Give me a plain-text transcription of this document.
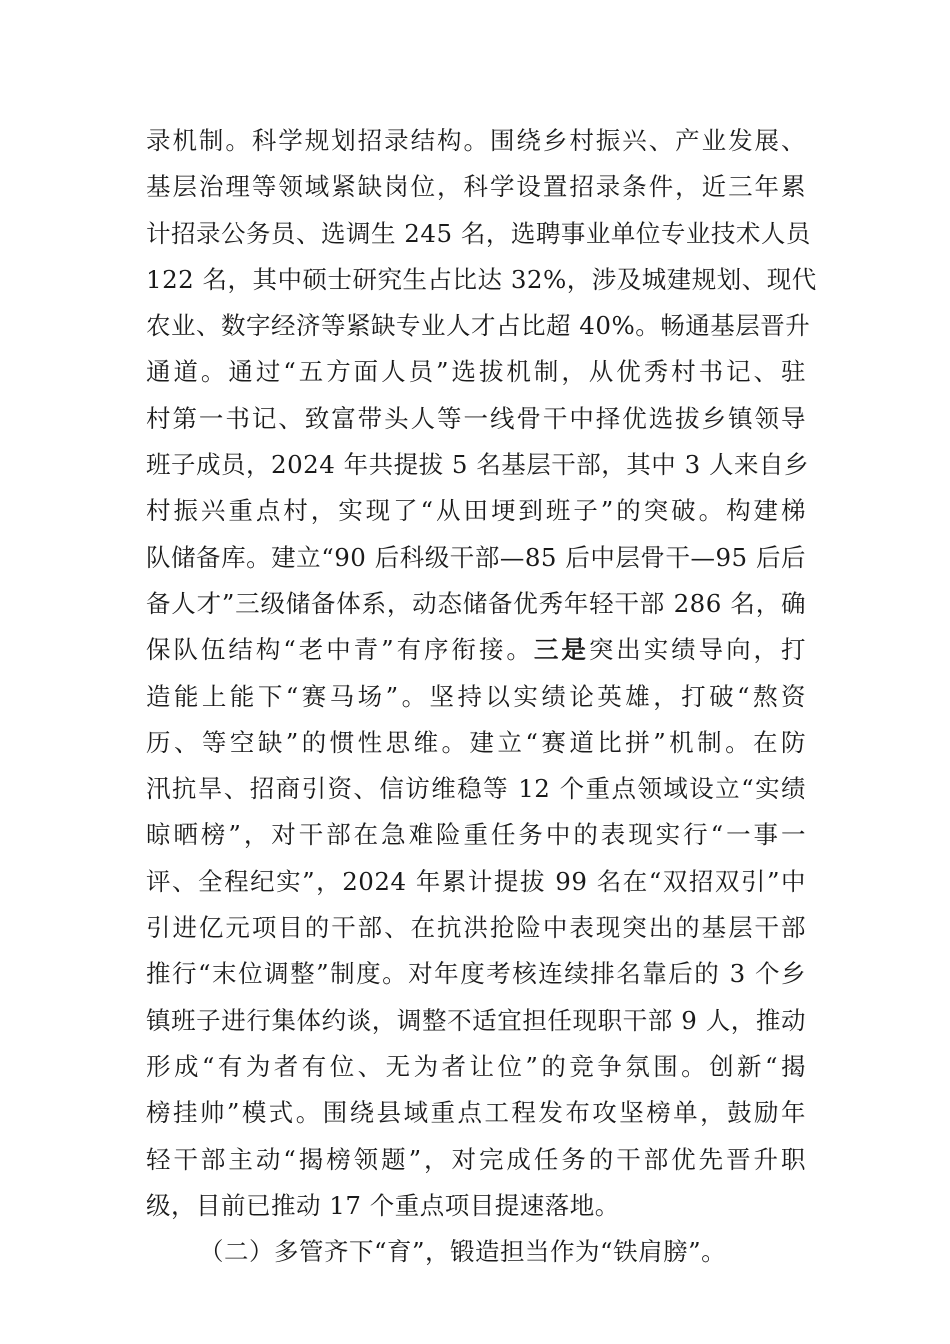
录机制。科学规划招录结构。围绕乡村振兴、产业发展、
基层治理等领域紧缺岗位，科学设置招录条件，近三年累
计招录公务员、选调生 245 名，选聘事业单位专业技术人员
122 名，其中硕士研究生占比达 32%，涉及城建规划、现代
农业、数字经济等紧缺专业人才占比超 40%。畅通基层晋升
通道。通过“五方面人员”选拔机制，从优秀村书记、驻
村第一书记、致富带头人等一线骨干中择优选拔乡镇领导
班子成员，2024 年共提拔 5 名基层干部，其中 3 人来自乡
村振兴重点村，实现了“从田埂到班子”的突破。构建梯
队储备库。建立“90 后科级干部—85 后中层骨干—95 后后
备人才”三级储备体系，动态储备优秀年轻干部 286 名，确
保队伍结构“老中青”有序衔接。三是突出实绩导向，打
造能上能下“赛马场”。坚持以实绩论英雄，打破“熬资
历、等空缺”的惯性思维。建立“赛道比拼”机制。在防
汛抗旱、招商引资、信访维稳等 12 个重点领域设立“实绩
晾晒榜”，对干部在急难险重任务中的表现实行“一事一
评、全程纪实”，2024 年累计提拔 99 名在“双招双引”中
引进亿元项目的干部、在抗洪抢险中表现突出的基层干部
推行“末位调整”制度。对年度考核连续排名靠后的 3 个乡
镇班子进行集体约谈，调整不适宜担任现职干部 9 人，推动
形成“有为者有位、无为者让位”的竞争氛围。创新“揭
榜挂帅”模式。围绕县域重点工程发布攻坚榜单，鼓励年
轻干部主动“揭榜领题”，对完成任务的干部优先晋升职
级，目前已推动 17 个重点项目提速落地。
（二）多管齐下“育”，锻造担当作为“铁肩膀”。
